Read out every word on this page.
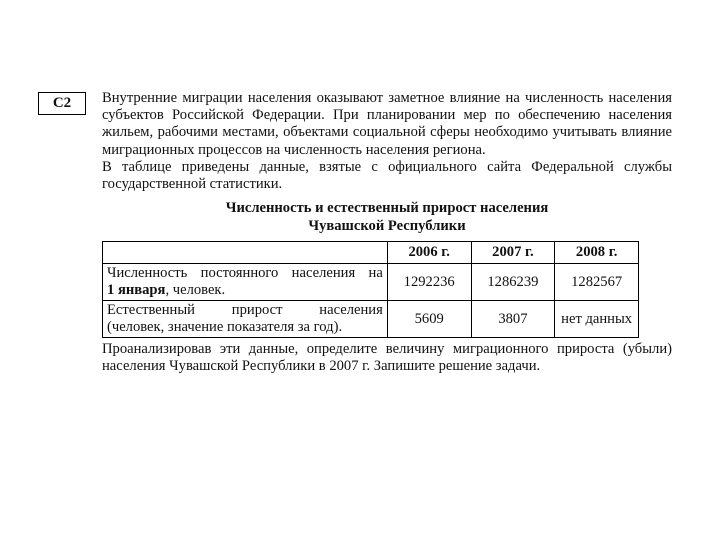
С2	Внутренние миграции населения оказывают заметное влияние на численность населения субъектов Российской Федерации. При планировании мер по обеспечению населения жильем, рабочими местами, объектами социальной сферы необходимо учитывать влияние миграционных процессов на численность населения региона.

В таблице приведены данные, взятые с официального сайта Федеральной службы государственной статистики.

Численность и естественный прирост населения
Чувашской Республики
	2006 г.	2007 г.	2008 г.
Численность постоянного населения на
1 января, человек.	1292236	1286239	1282567
Естественный прирост населения
(человек, значение показателя за год).	5609	3807	нет данных

Проанализировав эти данные, определите величину миграционного прироста (убыли) населения Чувашской Республики в 2007 г. Запишите решение задачи.
